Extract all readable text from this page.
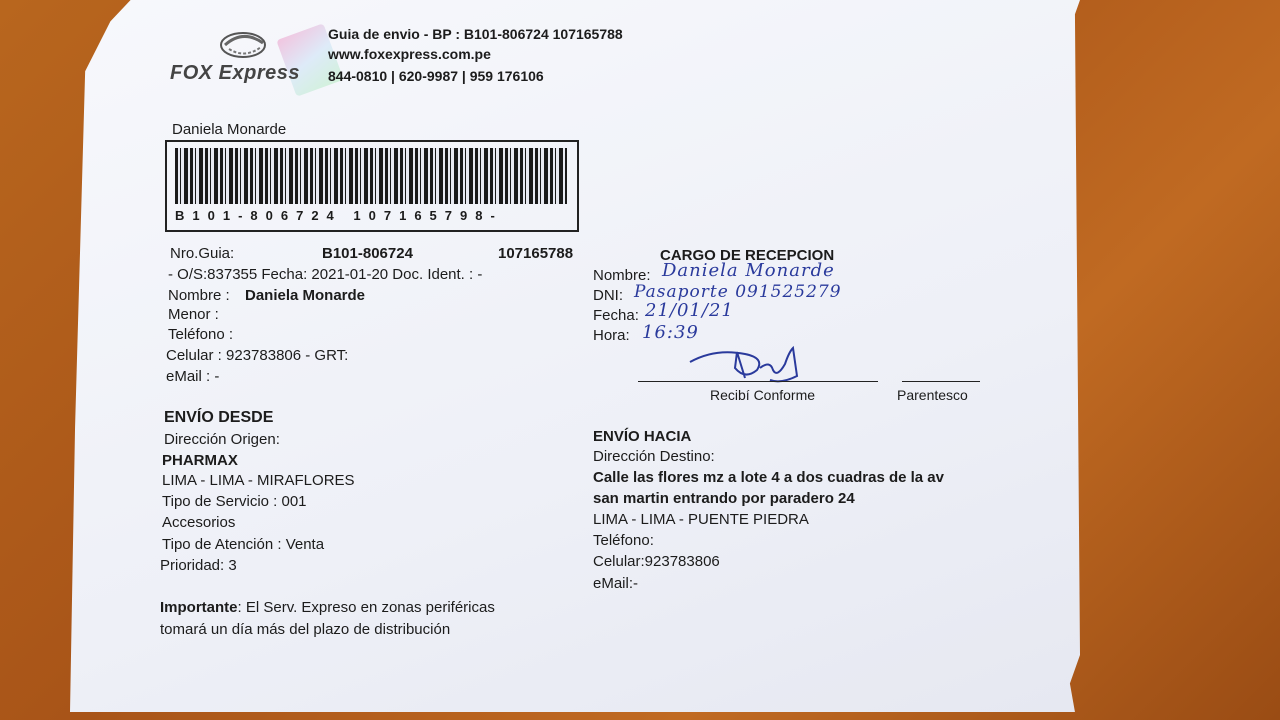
FOX Express
Guia de envio - BP : B101-806724 107165788
www.foxexpress.com.pe
844-0810 | 620-9987 | 959 176106
Daniela Monarde
B101-806724 107165798-
Nro.Guia:	B101-806724	107165788
- O/S:837355 Fecha: 2021-01-20 Doc. Ident. : -
Nombre : Daniela Monarde
Menor :
Teléfono :
Celular : 923783806 - GRT:
eMail : -
ENVÍO DESDE
Dirección Origen:
PHARMAX
LIMA - LIMA - MIRAFLORES
Tipo de Servicio : 001
Accesorios
Tipo de Atención : Venta
Prioridad: 3
Importante: El Serv. Expreso en zonas periféricas
tomará un día más del plazo de distribución
CARGO DE RECEPCION
Nombre: Daniela Monarde
DNI: Pasaporte 091525279
Fecha: 21/01/21
Hora: 16:39
Recibí Conforme	Parentesco
ENVÍO HACIA
Dirección Destino:
Calle las flores mz a lote 4 a dos cuadras de la av
san martin entrando por paradero 24
LIMA - LIMA - PUENTE PIEDRA
Teléfono:
Celular:923783806
eMail:-
